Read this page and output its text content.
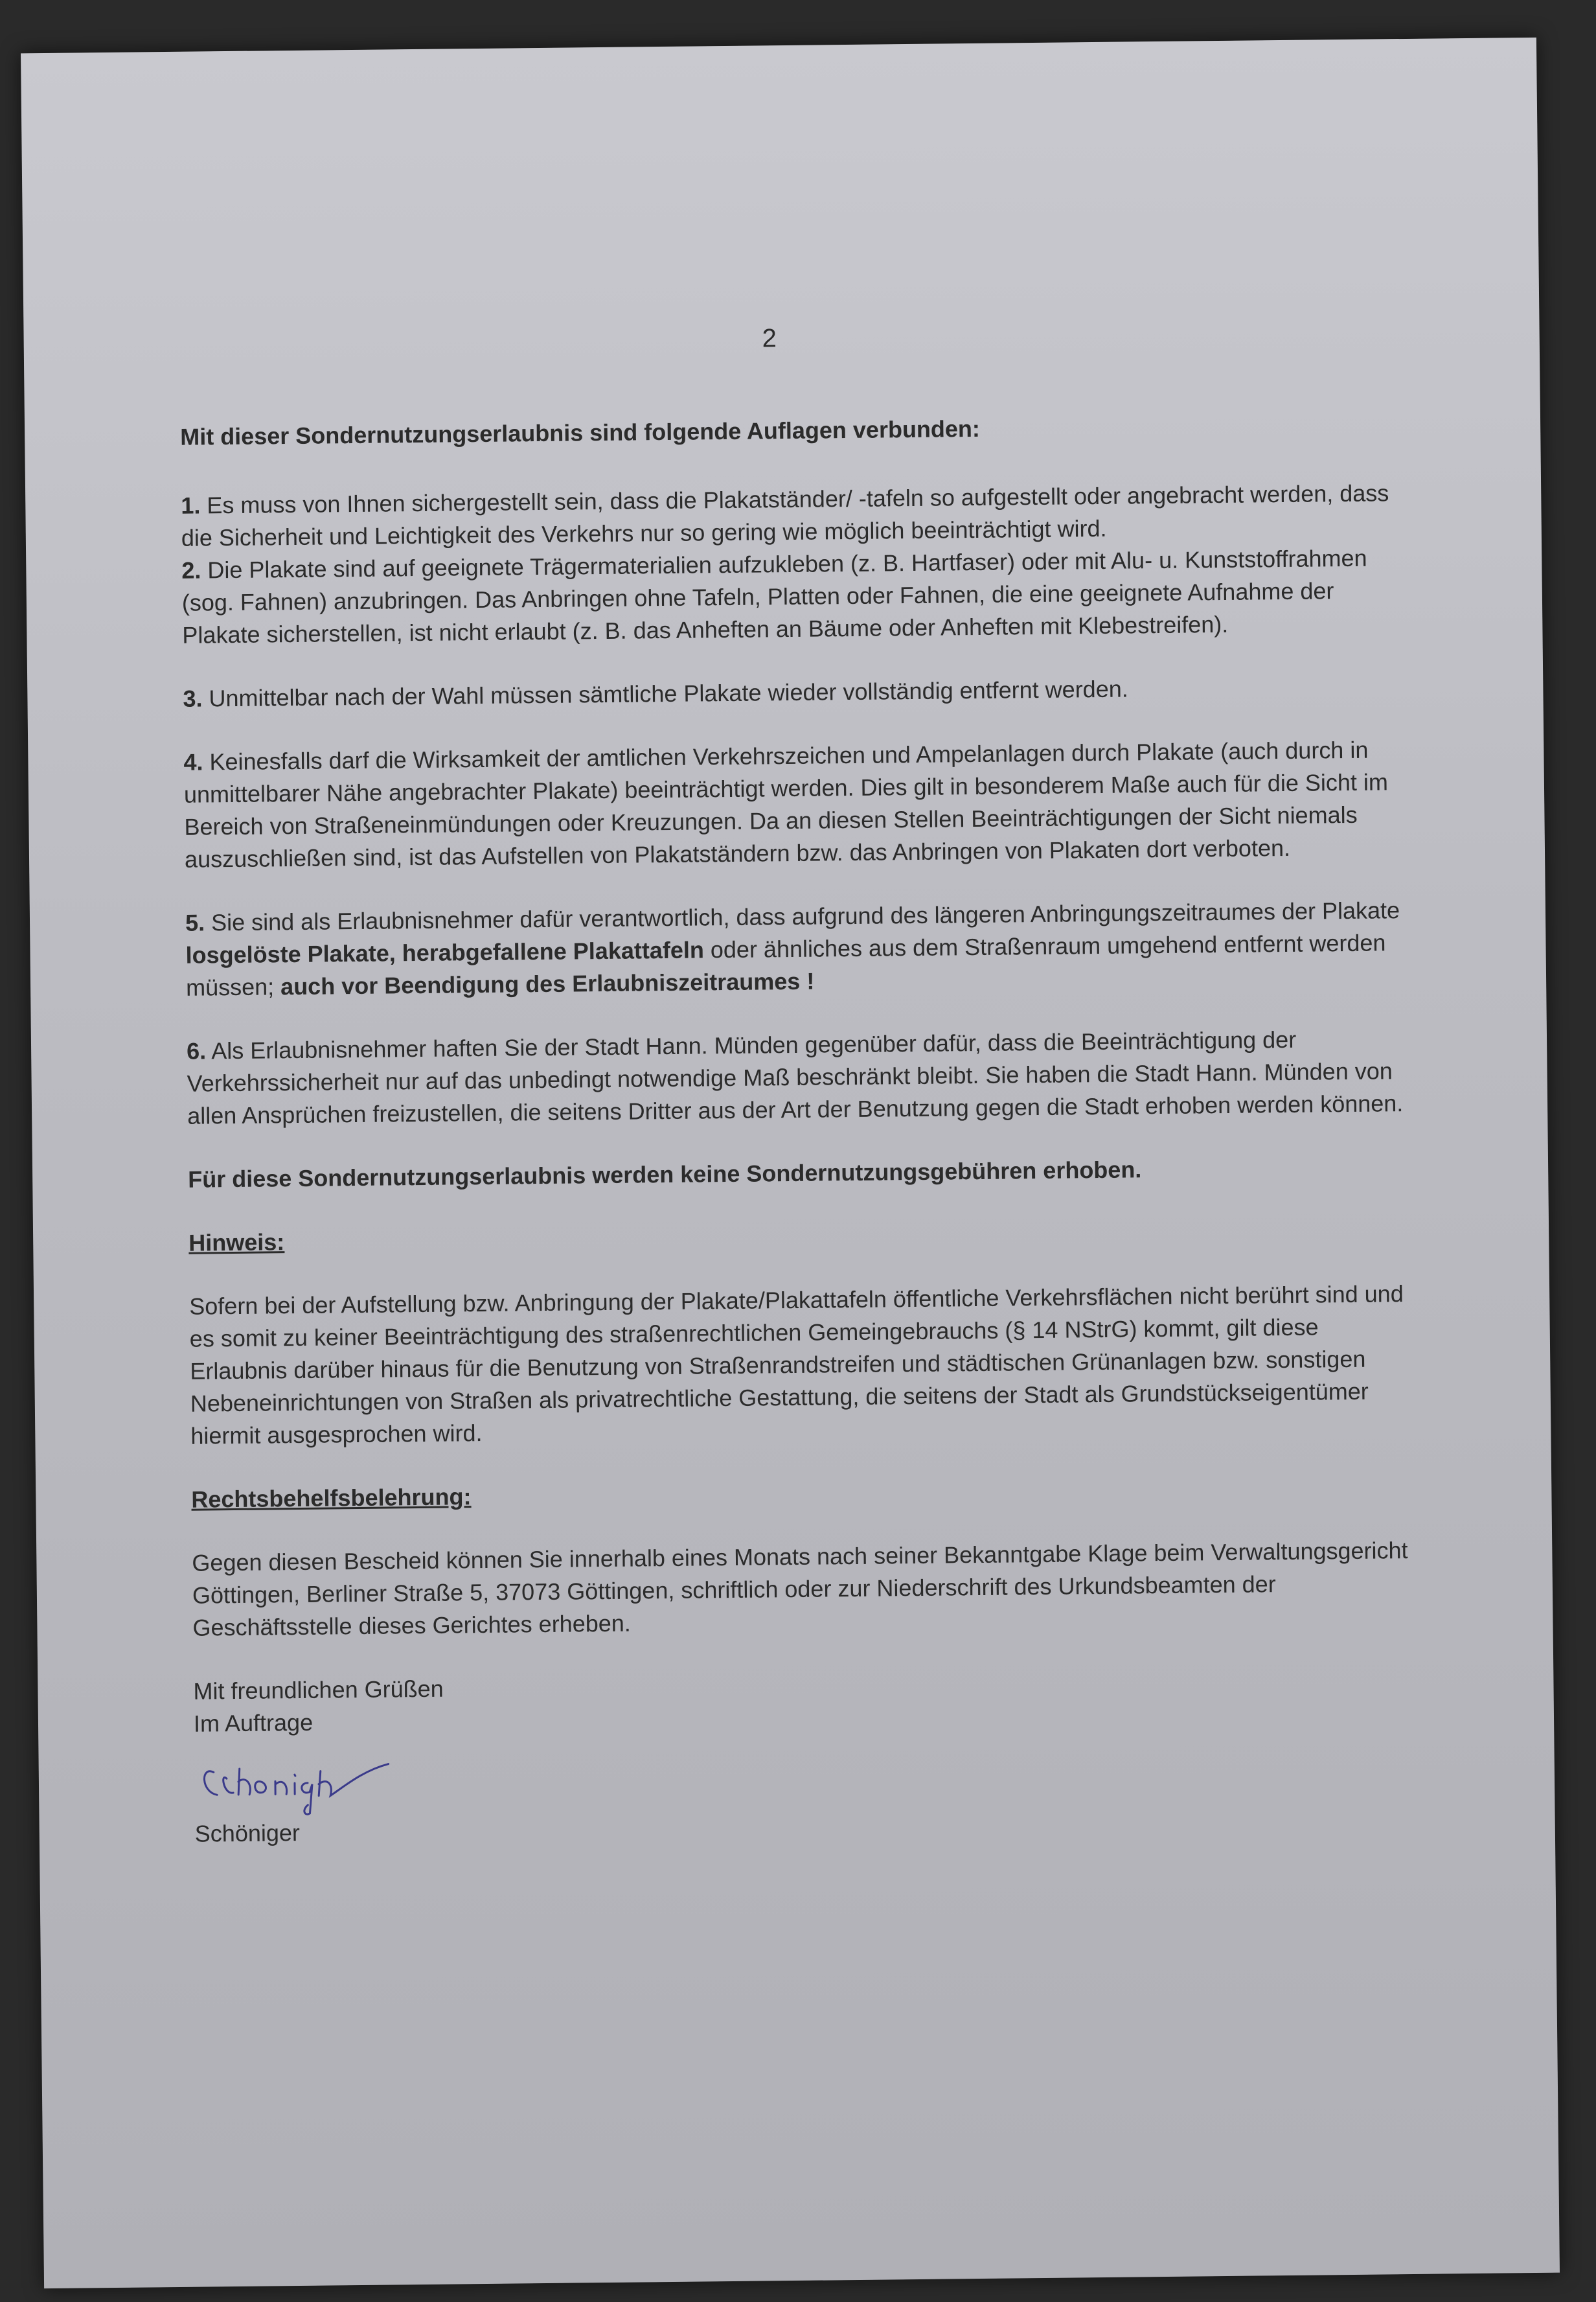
2

Mit dieser Sondernutzungserlaubnis sind folgende Auflagen verbunden:

1. Es muss von Ihnen sichergestellt sein, dass die Plakatständer/ -tafeln so aufgestellt oder angebracht werden, dass die Sicherheit und Leichtigkeit des Verkehrs nur so gering wie möglich beeinträchtigt wird.

2. Die Plakate sind auf geeignete Trägermaterialien aufzukleben (z. B. Hartfaser) oder mit Alu- u. Kunststoffrahmen (sog. Fahnen) anzubringen. Das Anbringen ohne Tafeln, Platten oder Fahnen, die eine geeignete Aufnahme der Plakate sicherstellen, ist nicht erlaubt (z. B. das Anheften an Bäume oder Anheften mit Klebestreifen).

3. Unmittelbar nach der Wahl müssen sämtliche Plakate wieder vollständig entfernt werden.

4. Keinesfalls darf die Wirksamkeit der amtlichen Verkehrszeichen und Ampelanlagen durch Plakate (auch durch in unmittelbarer Nähe angebrachter Plakate) beeinträchtigt werden. Dies gilt in besonderem Maße auch für die Sicht im Bereich von Straßeneinmündungen oder Kreuzungen. Da an diesen Stellen Beeinträchtigungen der Sicht niemals auszuschließen sind, ist das Aufstellen von Plakatständern bzw. das Anbringen von Plakaten dort verboten.

5. Sie sind als Erlaubnisnehmer dafür verantwortlich, dass aufgrund des längeren Anbringungszeitraumes der Plakate losgelöste Plakate, herabgefallene Plakattafeln oder ähnliches aus dem Straßenraum umgehend entfernt werden müssen; auch vor Beendigung des Erlaubniszeitraumes !

6. Als Erlaubnisnehmer haften Sie der Stadt Hann. Münden gegenüber dafür, dass die Beeinträchtigung der Verkehrssicherheit nur auf das unbedingt notwendige Maß beschränkt bleibt. Sie haben die Stadt Hann. Münden von allen Ansprüchen freizustellen, die seitens Dritter aus der Art der Benutzung gegen die Stadt erhoben werden können.

Für diese Sondernutzungserlaubnis werden keine Sondernutzungsgebühren erhoben.

Hinweis:

Sofern bei der Aufstellung bzw. Anbringung der Plakate/Plakattafeln öffentliche Verkehrsflächen nicht berührt sind und es somit zu keiner Beeinträchtigung des straßenrechtlichen Gemeingebrauchs (§ 14 NStrG) kommt, gilt diese Erlaubnis darüber hinaus für die Benutzung von Straßenrandstreifen und städtischen Grünanlagen bzw. sonstigen Nebeneinrichtungen von Straßen als privatrechtliche Gestattung, die seitens der Stadt als Grundstückseigentümer hiermit ausgesprochen wird.

Rechtsbehelfsbelehrung:

Gegen diesen Bescheid können Sie innerhalb eines Monats nach seiner Bekanntgabe Klage beim Verwaltungsgericht Göttingen, Berliner Straße 5, 37073 Göttingen, schriftlich oder zur Niederschrift des Urkundsbeamten der Geschäftsstelle dieses Gerichtes erheben.

Mit freundlichen Grüßen

Im Auftrage

Schöniger
